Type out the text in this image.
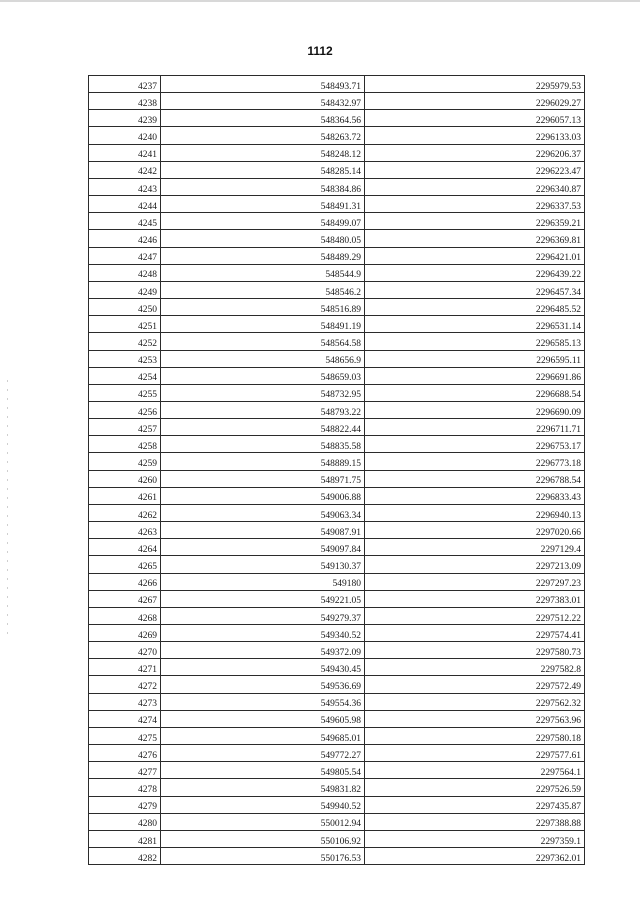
1112
4237	548493.71	2295979.53
4238	548432.97	2296029.27
4239	548364.56	2296057.13
4240	548263.72	2296133.03
4241	548248.12	2296206.37
4242	548285.14	2296223.47
4243	548384.86	2296340.87
4244	548491.31	2296337.53
4245	548499.07	2296359.21
4246	548480.05	2296369.81
4247	548489.29	2296421.01
4248	548544.9	2296439.22
4249	548546.2	2296457.34
4250	548516.89	2296485.52
4251	548491.19	2296531.14
4252	548564.58	2296585.13
4253	548656.9	2296595.11
4254	548659.03	2296691.86
4255	548732.95	2296688.54
4256	548793.22	2296690.09
4257	548822.44	2296711.71
4258	548835.58	2296753.17
4259	548889.15	2296773.18
4260	548971.75	2296788.54
4261	549006.88	2296833.43
4262	549063.34	2296940.13
4263	549087.91	2297020.66
4264	549097.84	2297129.4
4265	549130.37	2297213.09
4266	549180	2297297.23
4267	549221.05	2297383.01
4268	549279.37	2297512.22
4269	549340.52	2297574.41
4270	549372.09	2297580.73
4271	549430.45	2297582.8
4272	549536.69	2297572.49
4273	549554.36	2297562.32
4274	549605.98	2297563.96
4275	549685.01	2297580.18
4276	549772.27	2297577.61
4277	549805.54	2297564.1
4278	549831.82	2297526.59
4279	549940.52	2297435.87
4280	550012.94	2297388.88
4281	550106.92	2297359.1
4282	550176.53	2297362.01
